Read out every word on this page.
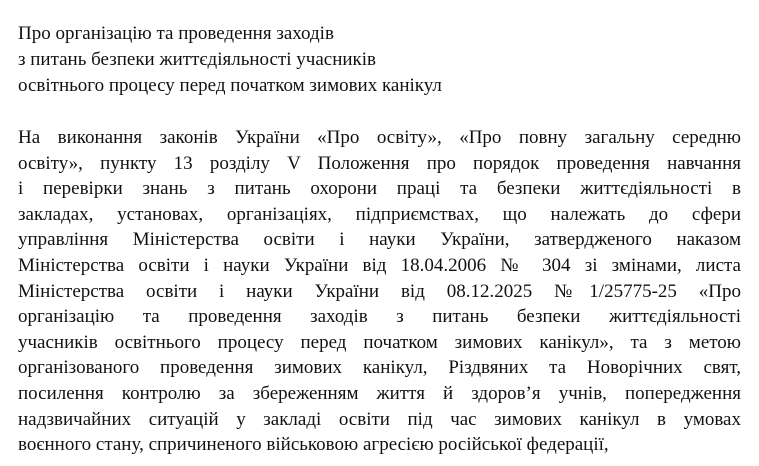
Про організацію та проведення заходів
з питань безпеки життєдіяльності учасників
освітнього процесу перед початком зимових канікул
На виконання законів України «Про освіту», «Про повну загальну середню
освіту», пункту 13 розділу V Положення про порядок проведення навчання
і перевірки знань з питань охорони праці та безпеки життєдіяльності в
закладах, установах, організаціях, підприємствах, що належать до сфери
управління Міністерства освіти і науки України, затвердженого наказом
Міністерства освіти і науки України від 18.04.2006 № 304 зі змінами, листа
Міністерства освіти і науки України від 08.12.2025 №1/25775-25 «Про
організацію та проведення заходів з питань безпеки життєдіяльності
учасників освітнього процесу перед початком зимових канікул», та з метою
організованого проведення зимових канікул, Різдвяних та Новорічних свят,
посилення контролю за збереженням життя й здоров’я учнів, попередження
надзвичайних ситуацій у закладі освіти під час зимових канікул в умовах
воєнного стану, спричиненого військовою агресією російської федерації,
